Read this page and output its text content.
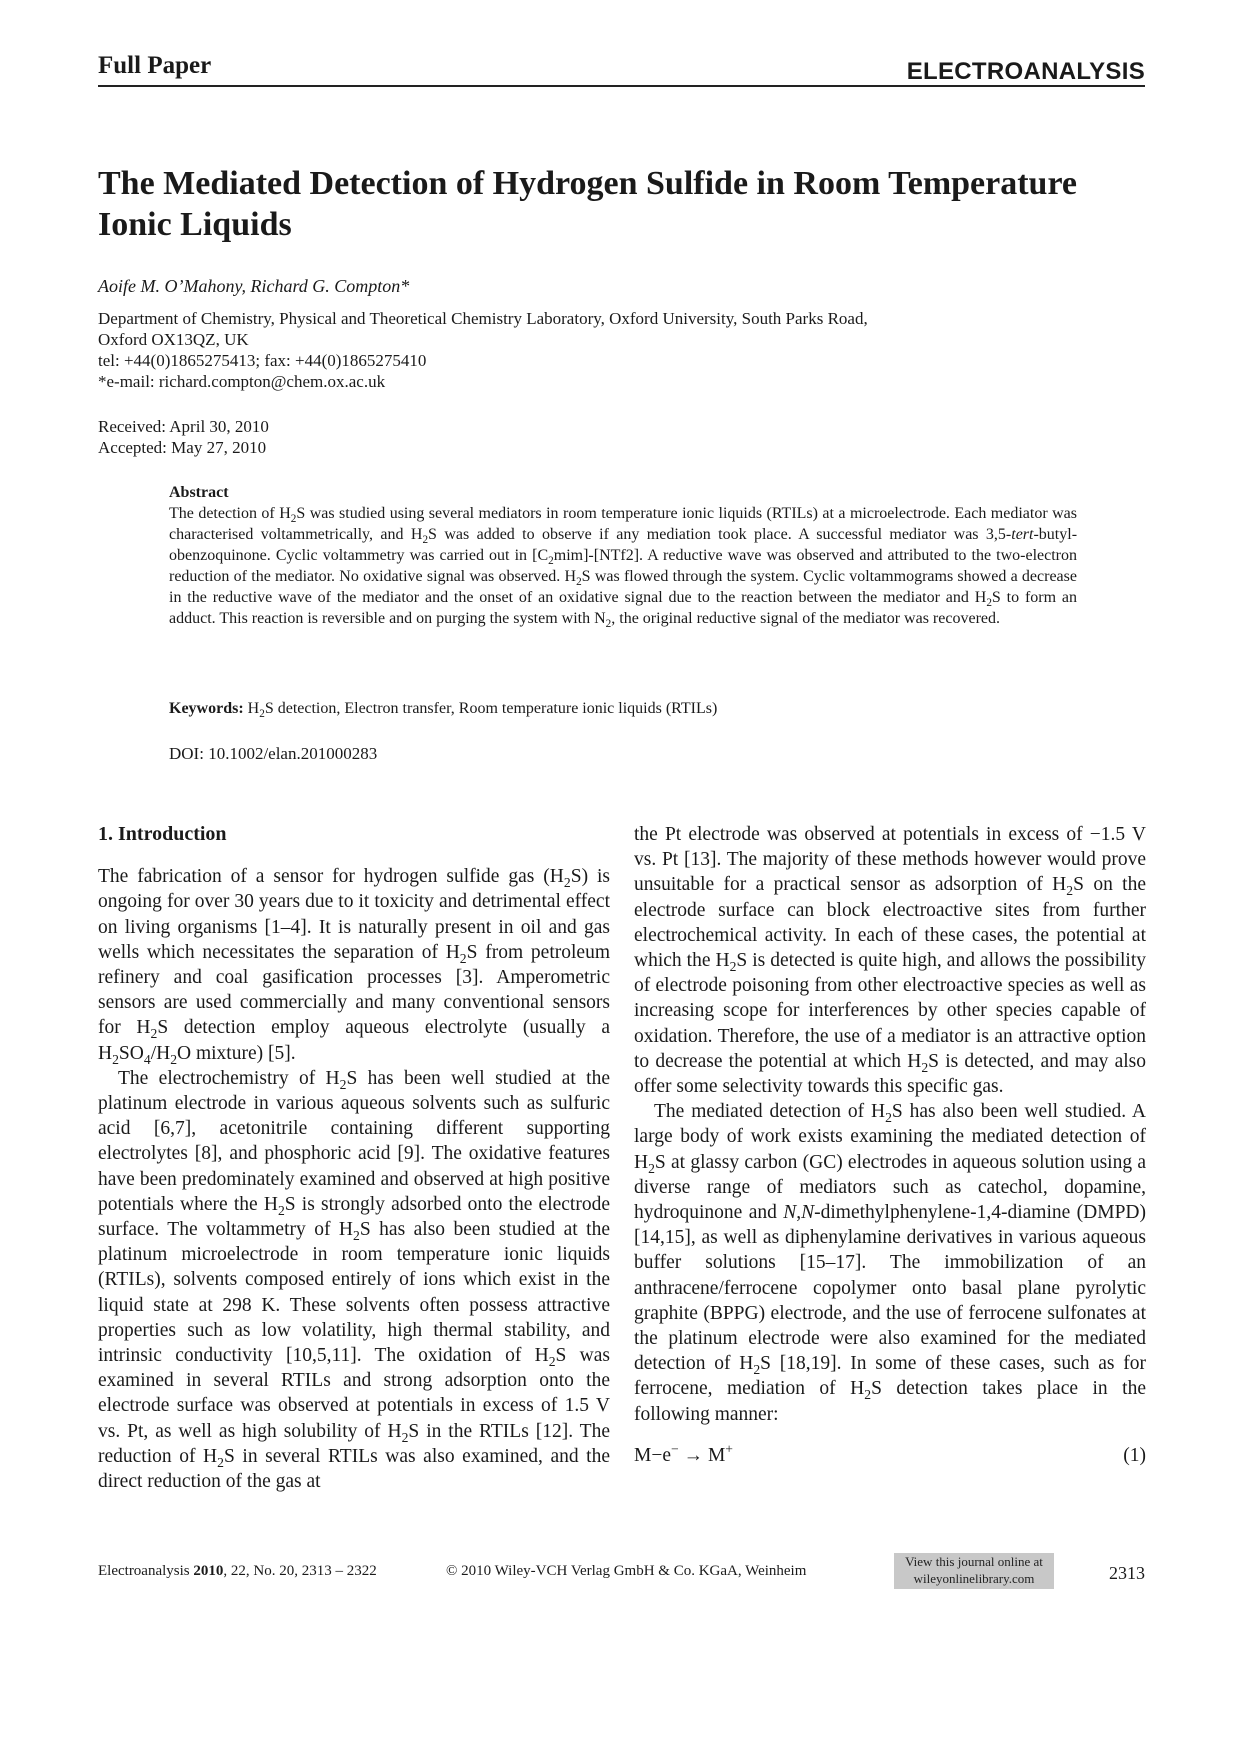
Full Paper	ELECTROANALYSIS
The Mediated Detection of Hydrogen Sulfide in Room Temperature Ionic Liquids
Aoife M. O’Mahony, Richard G. Compton*
Department of Chemistry, Physical and Theoretical Chemistry Laboratory, Oxford University, South Parks Road,
Oxford OX13QZ, UK
tel: +44(0)1865275413; fax: +44(0)1865275410
*e-mail: richard.compton@chem.ox.ac.uk
Received: April 30, 2010
Accepted: May 27, 2010
Abstract
The detection of $H_2S$ was studied using several mediators in room temperature ionic liquids (RTILs) at a microelectrode. Each mediator was characterised voltammetrically, and $H_2S$ was added to observe if any mediation took place. A successful mediator was 3,5-tert-butyl-obenzoquinone. Cyclic voltammetry was carried out in $[C_2mim]-[NTf2]$. A reductive wave was observed and attributed to the two-electron reduction of the mediator. No oxidative signal was observed. $H_2S$ was flowed through the system. Cyclic voltammograms showed a decrease in the reductive wave of the mediator and the onset of an oxidative signal due to the reaction between the mediator and $H_2S$ to form an adduct. This reaction is reversible and on purging the system with $N_2$, the original reductive signal of the mediator was recovered.
Keywords: $H_2S$ detection, Electron transfer, Room temperature ionic liquids (RTILs)
DOI: 10.1002/elan.201000283
1. Introduction

The fabrication of a sensor for hydrogen sulfide gas $(H_2S)$ is ongoing for over 30 years due to it toxicity and detrimental effect on living organisms [1–4]. It is naturally present in oil and gas wells which necessitates the separation of $H_2S$ from petroleum refinery and coal gasification processes [3]. Amperometric sensors are used commercially and many conventional sensors for $H_2S$ detection employ aqueous electrolyte (usually a $H_2SO_4/H_2O$ mixture) [5].

The electrochemistry of $H_2S$ has been well studied at the platinum electrode in various aqueous solvents such as sulfuric acid [6,7], acetonitrile containing different supporting electrolytes [8], and phosphoric acid [9]. The oxidative features have been predominately examined and observed at high positive potentials where the $H_2S$ is strongly adsorbed onto the electrode surface. The voltammetry of $H_2S$ has also been studied at the platinum microelectrode in room temperature ionic liquids (RTILs), solvents composed entirely of ions which exist in the liquid state at 298 K. These solvents often possess attractive properties such as low volatility, high thermal stability, and intrinsic conductivity [10,5,11]. The oxidation of $H_2S$ was examined in several RTILs and strong adsorption onto the electrode surface was observed at potentials in excess of 1.5 V vs. Pt, as well as high solubility of $H_2S$ in the RTILs [12]. The reduction of $H_2S$ in several RTILs was also examined, and the direct reduction of the gas at

the Pt electrode was observed at potentials in excess of −1.5 V vs. Pt [13]. The majority of these methods however would prove unsuitable for a practical sensor as adsorption of $H_2S$ on the electrode surface can block electroactive sites from further electrochemical activity. In each of these cases, the potential at which the $H_2S$ is detected is quite high, and allows the possibility of electrode poisoning from other electroactive species as well as increasing scope for interferences by other species capable of oxidation. Therefore, the use of a mediator is an attractive option to decrease the potential at which $H_2S$ is detected, and may also offer some selectivity towards this specific gas.

The mediated detection of $H_2S$ has also been well studied. A large body of work exists examining the mediated detection of $H_2S$ at glassy carbon (GC) electrodes in aqueous solution using a diverse range of mediators such as catechol, dopamine, hydroquinone and N,N-dimethylphenylene-1,4-diamine (DMPD) [14,15], as well as diphenylamine derivatives in various aqueous buffer solutions [15–17]. The immobilization of an anthracene/ferrocene copolymer onto basal plane pyrolytic graphite (BPPG) electrode, and the use of ferrocene sulfonates at the platinum electrode were also examined for the mediated detection of $H_2S$ [18,19]. In some of these cases, such as for ferrocene, mediation of $H_2S$ detection takes place in the following manner:

M−e− → M+	(1)
Electroanalysis 2010, 22, No. 20, 2313 – 2322	© 2010 Wiley-VCH Verlag GmbH & Co. KGaA, Weinheim
View this journal online at
wileyonlinelibrary.com	2313
